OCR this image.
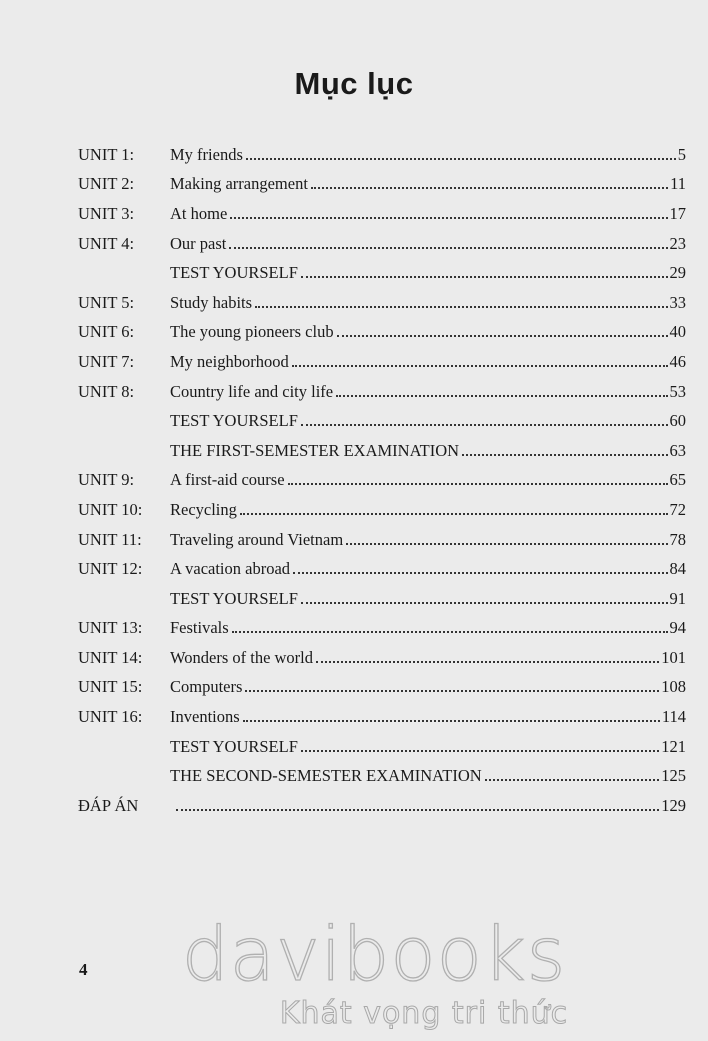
Mục lục
UNIT 1:	My friends	5
UNIT 2:	Making arrangement	11
UNIT 3:	At home	17
UNIT 4:	Our past	23
TEST YOURSELF	29
UNIT 5:	Study habits	33
UNIT 6:	The young pioneers club	40
UNIT 7:	My neighborhood	46
UNIT 8:	Country life and city life	53
TEST YOURSELF	60
THE FIRST-SEMESTER EXAMINATION	63
UNIT 9:	A first-aid course	65
UNIT 10:	Recycling	72
UNIT 11:	Traveling around Vietnam	78
UNIT 12:	A vacation abroad	84
TEST YOURSELF	91
UNIT 13:	Festivals	94
UNIT 14:	Wonders of the world	101
UNIT 15:	Computers	108
UNIT 16:	Inventions	114
TEST YOURSELF	121
THE SECOND-SEMESTER EXAMINATION	125
ĐÁP ÁN	129
4	davibooks
Khát vọng tri thức
